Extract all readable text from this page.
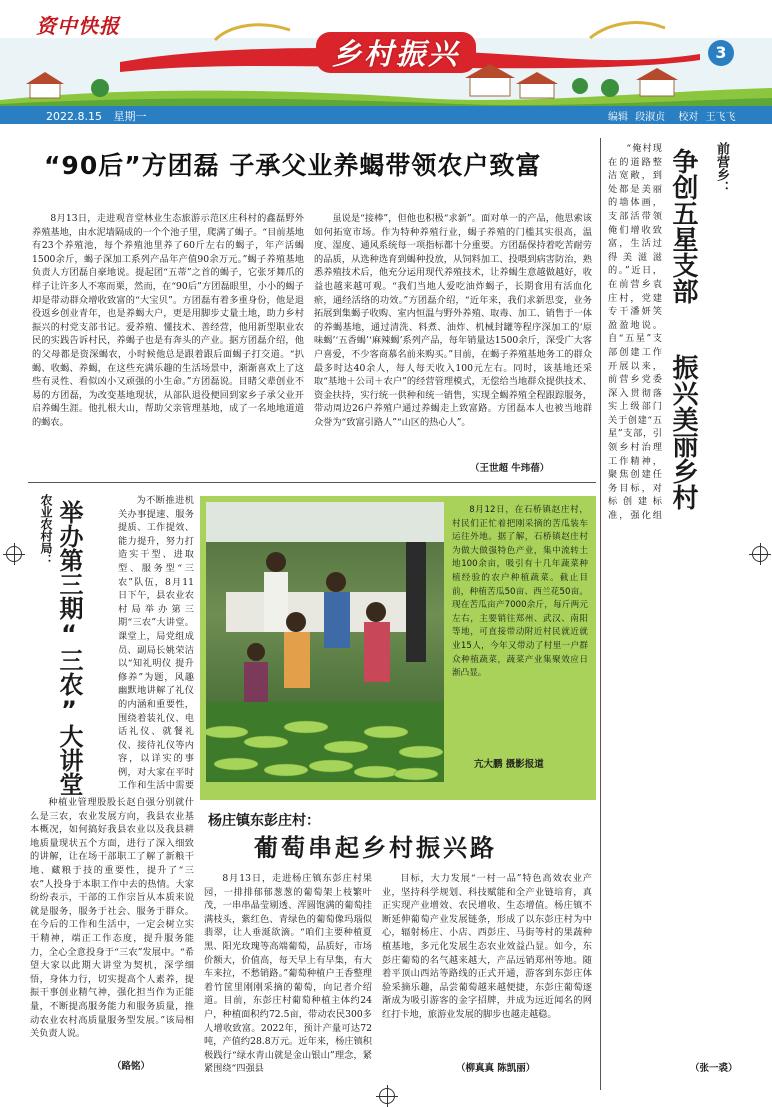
资中快报
乡村振兴	3
2022.8.15 星期一	编辑 段淑贞 校对 王飞飞
“90后”方团磊 子承父业养蝎带领农户致富

8月13日，走进观音堂林业生态旅游示范区庄科村的鑫磊野外养殖基地，由水泥墙隔成的一个个池子里，爬满了蝎子。“目前基地有23个养殖池，每个养殖池里养了60斤左右的蝎子，年产活蝎1500余斤，蝎子深加工系列产品年产值90余万元。”蝎子养殖基地负责人方团磊自豪地说。提起团“五蒂”之首的蝎子，它张牙舞爪的样子让许多人不寒而栗，然而，在“90后”方团磊眼里，小小的蝎子却是带动群众增收致富的“大宝贝”。方团磊有着多重身份，他是退役返乡创业青年，也是养蝎大户，更是用脚步丈量土地，助力乡村振兴的村党支部书记。爱养殖、懂技术、善经营，他用新型职业农民的实践告诉村民，养蝎子也是有奔头的产业。据方团磊介绍，他的父母都是资深蝎农，小时候他总是跟着跟后面蝎子打交道。“扒蝎、收蝎、养蝎，在这些充满乐趣的生活场景中，渐渐喜欢上了这些有灵性、看似凶小又顽强的小生命。”方团磊说。目睹父辈创业不易的方团磊，为改变基地现状，从部队退役便回到家乡子承父业开启养蝎生涯。他扎根大山，帮助父亲管理基地，成了一名地地道道的蝎农。

虽说是“接棒”，但他也积极“求新”。面对单一的产品，他思索该如何拓宽市场。作为特种养殖行业，蝎子养殖的门槛其实很高，温度、湿度、通风系统每一项指标都十分重要。方团磊保持着吃苦耐劳的品质，从选种选育到蝎种投放，从饲料加工、投喂到病害防治，熟悉养殖技术后，他充分运用现代养殖技术，让养蝎生意越做越好，收益也越来越可观。“我们当地人爱吃油炸蝎子，长期食用有活血化瘀，通经活络的功效。”方团磊介绍，“近年来，我们求新思变，业务拓展到集蝎子收购、室内恒温与野外养殖、取毒、加工、销售于一体的养蝎基地，通过清洗、料煮、油炸、机械封罐等程序深加工的‘原味蝎’‘五香蝎’‘麻辣蝎’系列产品，每年销量达1500余斤，深受广大客户喜爱，不少客商慕名前来购买。”目前，在蝎子养殖基地务工的群众最多时达40余人，每人每天收入100元左右。同时，该基地还采取“基地＋公司＋农户”的经营管理模式，无偿给当地群众提供技术、资金扶持，实行统一供种和统一销售，实现全蝎养殖全程跟踪服务，带动周边26户养殖户通过养蝎走上致富路。方团磊本人也被当地群众誉为“致富引路人”“山区的热心人”。

（王世超 牛玮蓓）
前营乡：
争创五星支部
振兴美丽乡村

“俺村现在的道路整洁宽敞，到处都是美丽的墙体画，支部活带领俺们增收致富，生活过得美滋滋的。”近日，在前营乡袁庄村，党建专干潘妍笑盈盈地说。自“五星”支部创建工作开展以来，前营乡党委深入贯彻落实上级部门关于创建“五星”支部，引领乡村治理工作精神，聚焦创建任务目标，对标创建标准，强化组

（张一裘）
农业农村局： 举办第三期“三农”大讲堂	为不断推进机关办事提速、服务提质、工作提效、能力提升，努力打造实干型、进取型、服务型“三农”队伍，8月11日下午，县农业农村局举办第三期“三农”大讲堂。课堂上，局党组成员、副局长姚荣洁以“知礼明仪 提升修养”为题，风趣幽默地讲解了礼仪的内涵和重要性，围绕着装礼仪、电话礼仪、就餐礼仪、接待礼仪等内容，以详实的事例，对大家在平时工作和生活中需要

种植业管理股股长赵自强分别就什么是三农，农业发展方向，我县农业基本概况，如何搞好我县农业以及我县耕地质量现状五个方面，进行了深入细致的讲解，让在场干部职工了解了新粮干地、藏粮于技的重要性，提升了“三农”人投身于本职工作中去的热情。大家纷纷表示，干部的工作宗旨从本质来说就是服务，服务于社会、服务于群众。在今后的工作和生活中，一定会树立实干精神，端正工作态度，提升服务能力，全心全意投身于“三农”发展中。“希望大家以此期大讲堂为契机，深学细悟，身体力行，切实提高个人素养，提振干事创业精气神，强化担当作为正能量，不断提高服务能力和服务质量，推动农业农村高质量服务型发展。”该局相关负责人说。

（路铭）

8月12日，在石桥镇赵庄村，村民们正忙着把刚采摘的苦瓜装车运往外地。据了解，石桥镇赵庄村为做大做强特色产业，集中流转土地100余亩，吸引有十几年蔬菜种植经验的农户种植蔬菜。截止目前，种植苦瓜50亩、西兰花50亩。现在苦瓜亩产7000余斤，每斤两元左右，主要销往郑州、武汉、南阳等地，可直接带动附近村民就近就业15人，今年又带动了村里一户群众种植蔬菜，蔬菜产业集聚效应日渐凸显。

亢大鹏 摄影报道
杨庄镇东彭庄村：
葡萄串起乡村振兴路

8月13日，走进杨庄镇东彭庄村果园，一排排郁郁葱葱的葡萄架上枝繁叶茂，一串串晶莹剔透、浑圆饱满的葡萄挂满枝头，紫红色、青绿色的葡萄像玛瑙似翡翠，让人垂涎欲滴。“咱们主要种植夏黑、阳光玫瑰等高端葡萄，品质好，市场价额大，价值高，每天早上有早集，有大车来拉，不愁销路。”葡萄种植户王香整理着竹筐里刚刚采摘的葡萄，向记者介绍道。目前，东彭庄村葡萄种植主体约24户，种植面积约72.5亩，带动农民300多人增收致富。2022年，预计产量可达72吨，产值约28.8万元。近年来，杨庄镇积极践行“绿水青山就是金山银山”理念，紧紧围绕“四强县

目标，大力发展“一村一品”特色高效农业产业，坚持科学规划、科技赋能和全产业链培育，真正实现产业增效、农民增收、生态增值。杨庄镇不断延伸葡萄产业发展链条，形成了以东彭庄村为中心，辐射杨庄、小店、西彭庄、马街等村的果蔬种植基地，多元化发展生态农业效益凸显。如今，东彭庄葡萄的名气越来越大，产品远销郑州等地。随着平顶山西站等路线的正式开通，游客到东彭庄体验采摘乐趣，品尝葡萄越来越便捷，东彭庄葡萄逐渐成为吸引游客的金字招牌，并成为远近闻名的网红打卡地，旅游业发展的脚步也越走越稳。

（柳真真 陈凯丽）
